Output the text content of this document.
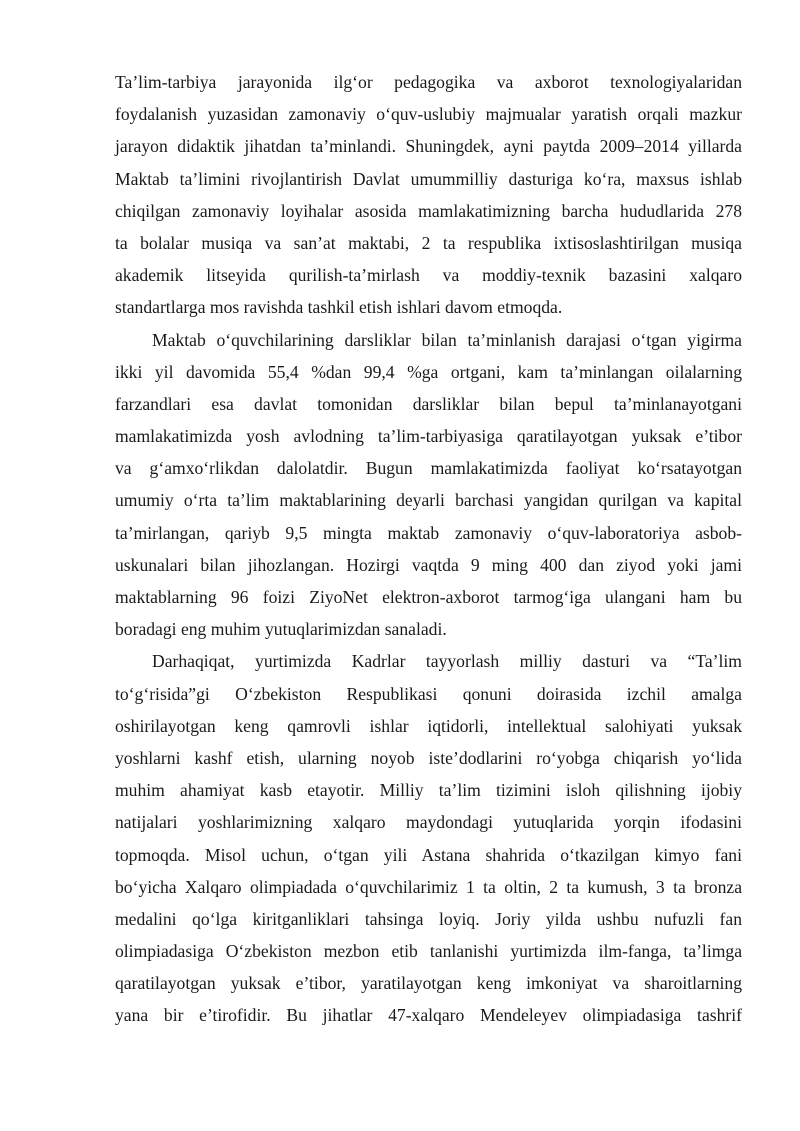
Ta’lim-tarbiya jarayonida ilg‘or pedagogika va axborot texnologiyalaridan
foydalanish yuzasidan zamonaviy o‘quv-uslubiy majmualar yaratish orqali mazkur
jarayon didaktik jihatdan ta’minlandi. Shuningdek, ayni paytda 2009–2014 yillarda
Maktab ta’limini rivojlantirish Davlat umummilliy dasturiga ko‘ra, maxsus ishlab
chiqilgan zamonaviy loyihalar asosida mamlakatimizning barcha hududlarida 278
ta bolalar musiqa va san’at maktabi, 2 ta respublika ixtisoslashtirilgan musiqa
akademik litseyida qurilish-ta’mirlash va moddiy-texnik bazasini xalqaro
standartlarga mos ravishda tashkil etish ishlari davom etmoqda.
Maktab o‘quvchilarining darsliklar bilan ta’minlanish darajasi o‘tgan yigirma
ikki yil davomida 55,4 %dan 99,4 %ga ortgani, kam ta’minlangan oilalarning
farzandlari esa davlat tomonidan darsliklar bilan bepul ta’minlanayotgani
mamlakatimizda yosh avlodning ta’lim-tarbiyasiga qaratilayotgan yuksak e’tibor
va g‘amxo‘rlikdan dalolatdir. Bugun mamlakatimizda faoliyat ko‘rsatayotgan
umumiy o‘rta ta’lim maktablarining deyarli barchasi yangidan qurilgan va kapital
ta’mirlangan, qariyb 9,5 mingta maktab zamonaviy o‘quv-laboratoriya asbob-
uskunalari bilan jihozlangan. Hozirgi vaqtda 9 ming 400 dan ziyod yoki jami
maktablarning 96 foizi ZiyoNet elektron-axborot tarmog‘iga ulangani ham bu
boradagi eng muhim yutuqlarimizdan sanaladi.
Darhaqiqat, yurtimizda Kadrlar tayyorlash milliy dasturi va “Ta’lim
to‘g‘risida”gi O‘zbekiston Respublikasi qonuni doirasida izchil amalga
oshirilayotgan keng qamrovli ishlar iqtidorli, intellektual salohiyati yuksak
yoshlarni kashf etish, ularning noyob iste’dodlarini ro‘yobga chiqarish yo‘lida
muhim ahamiyat kasb etayotir. Milliy ta’lim tizimini isloh qilishning ijobiy
natijalari yoshlarimizning xalqaro maydondagi yutuqlarida yorqin ifodasini
topmoqda. Misol uchun, o‘tgan yili Astana shahrida o‘tkazilgan kimyo fani
bo‘yicha Xalqaro olimpiadada o‘quvchilarimiz 1 ta oltin, 2 ta kumush, 3 ta bronza
medalini qo‘lga kiritganliklari tahsinga loyiq. Joriy yilda ushbu nufuzli fan
olimpiadasiga O‘zbekiston mezbon etib tanlanishi yurtimizda ilm-fanga, ta’limga
qaratilayotgan yuksak e’tibor, yaratilayotgan keng imkoniyat va sharoitlarning
yana bir e’tirofidir. Bu jihatlar 47-xalqaro Mendeleyev olimpiadasiga tashrif
